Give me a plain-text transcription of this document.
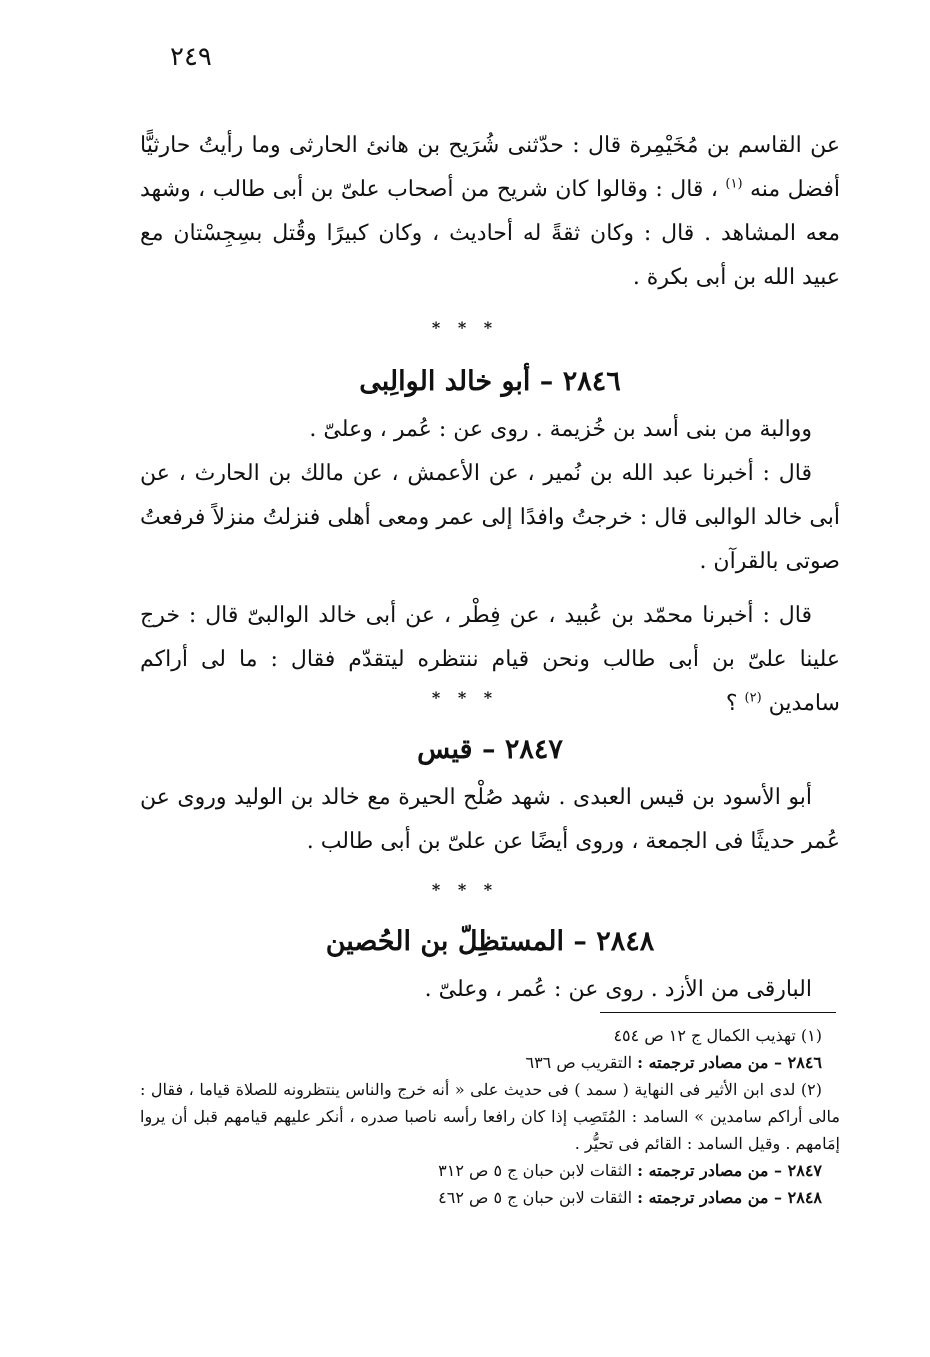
٢٤٩

عن القاسم بن مُخَيْمِرة قال : حدّثنى شُرَيح بن هانئ الحارثى وما رأيتُ حارثيًّا أفضل منه $^{(١)}$ ، قال : وقالوا كان شريح من أصحاب علىّ بن أبى طالب ، وشهد معه المشاهد . قال : وكان ثقةً له أحاديث ، وكان كبيرًا وقُتل بسِجِسْتان مع عبيد الله بن أبى بكرة .

* * *
٢٨٤٦ – أبو خالد الوالِبى

ووالبة من بنى أسد بن خُزيمة . روى عن : عُمر ، وعلىّ .

قال : أخبرنا عبد الله بن نُمير ، عن الأعمش ، عن مالك بن الحارث ، عن أبى خالد الوالبى قال : خرجتُ وافدًا إلى عمر ومعى أهلى فنزلتُ منزلاً فرفعتُ صوتى بالقرآن .

قال : أخبرنا محمّد بن عُبيد ، عن فِطْر ، عن أبى خالد الوالبىّ قال : خرج علينا علىّ بن أبى طالب ونحن قيام ننتظره ليتقدّم فقال : ما لى أراكم سامدين $^{(٢)}$ ؟

* * *
٢٨٤٧ – قيس

أبو الأسود بن قيس العبدى . شهد صُلْح الحيرة مع خالد بن الوليد وروى عن عُمر حديثًا فى الجمعة ، وروى أيضًا عن علىّ بن أبى طالب .

* * *
٢٨٤٨ – المستظِلّ بن الحُصين

البارقى من الأزد . روى عن : عُمر ، وعلىّ .

(١) تهذيب الكمال ج ١٢ ص ٤٥٤

٢٨٤٦ – من مصادر ترجمته : التقريب ص ٦٣٦

(٢) لدى ابن الأثير فى النهاية ( سمد ) فى حديث على « أنه خرج والناس ينتظرونه للصلاة قياما ، فقال : مالى أراكم سامدين » السامد : المُتَصِب إذا كان رافعا رأسه ناصبا صدره ، أنكر عليهم قيامهم قبل أن يروا إمَامهم . وقيل السامد : القائم فى تحيُّر .

٢٨٤٧ – من مصادر ترجمته : الثقات لابن حبان ج ٥ ص ٣١٢

٢٨٤٨ – من مصادر ترجمته : الثقات لابن حبان ج ٥ ص ٤٦٢
